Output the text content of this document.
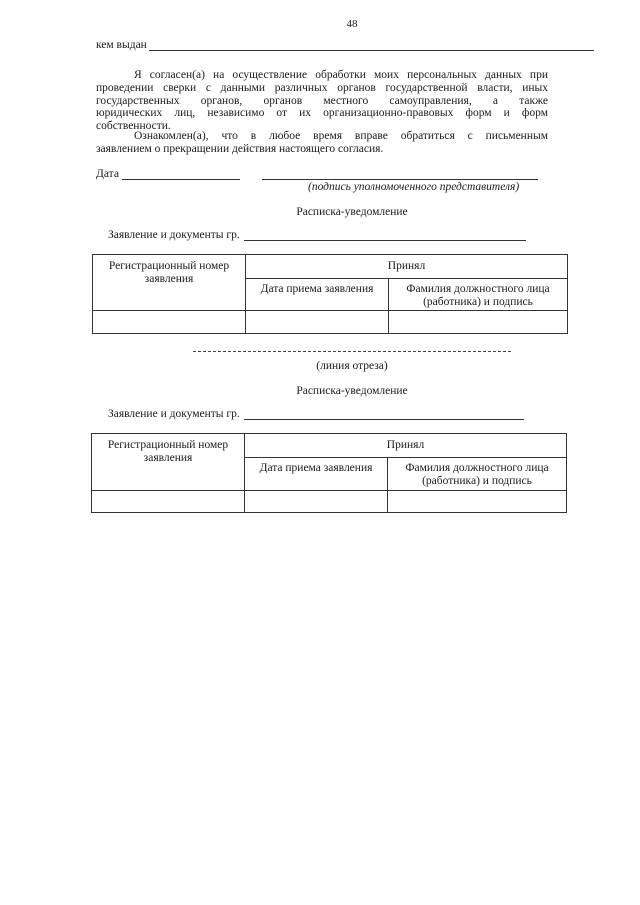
48
кем выдан
Я согласен(а) на осуществление обработки моих персональных данных при
проведении сверки с данными различных органов государственной власти, иных
государственных органов, органов местного самоуправления, а также
юридических лиц, независимо от их организационно-правовых форм и форм
собственности.
Ознакомлен(а), что в любое время вправе обратиться с письменным
заявлением о прекращении действия настоящего согласия.
Дата
(подпись уполномоченного представителя)
Расписка-уведомление
Заявление и документы гр.
Регистрационный номер заявления	Принял	
	Дата приема заявления	Фамилия должностного лица (работника) и подпись

(линия отреза)
Расписка-уведомление
Заявление и документы гр.
Регистрационный номер заявления	Принял	
	Дата приема заявления	Фамилия должностного лица (работника) и подпись
